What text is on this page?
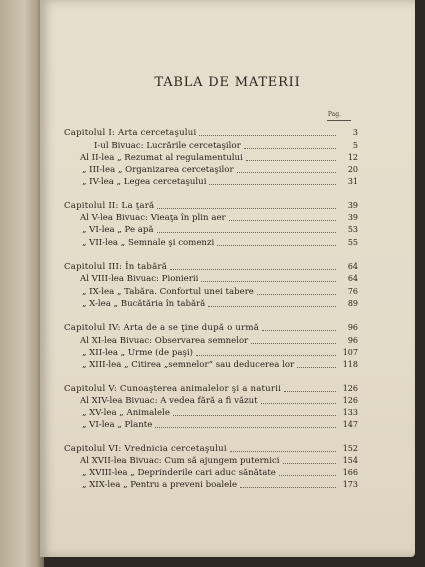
TABLA DE MATERII
Pag.
Capitolul I: Arta cercetaşului	3
I-ul Bivuac: Lucrările cercetaşilor	5
Al II-lea „ Rezumat al regulamentului	12
„ III-lea „ Organizarea cercetaşilor	20
„ IV-lea „ Legea cercetaşului	31
Capitolul II: La ţară	39
Al V-lea Bivuac: Vieaţa în plin aer	39
„ VI-lea „ Pe apă	53
„ VII-lea „ Semnale şi comenzi	55
Capitolul III: În tabără	64
Al VIII-lea Bivuac: Pionierii	64
„ IX-lea „ Tabăra. Confortul unei tabere	76
„ X-lea „ Bucătăria în tabără	89
Capitolul IV: Arta de a se ţine după o urmă	96
Al XI-lea Bivuac: Observarea semnelor	96
„ XII-lea „ Urme (de paşi)	107
„ XIII-lea „ Citirea „semnelor” sau deducerea lor	118
Capitolul V: Cunoaşterea animalelor şi a naturii	126
Al XIV-lea Bivuac: A vedea fără a fi văzut	126
„ XV-lea „ Animalele	133
„ VI-lea „ Plante	147
Capitolul VI: Vrednicia cercetaşului	152
Al XVII-lea Bivuac: Cum să ajungem puternici	154
„ XVIII-lea „ Deprinderile cari aduc sănătate	166
„ XIX-lea „ Pentru a preveni boalele	173
